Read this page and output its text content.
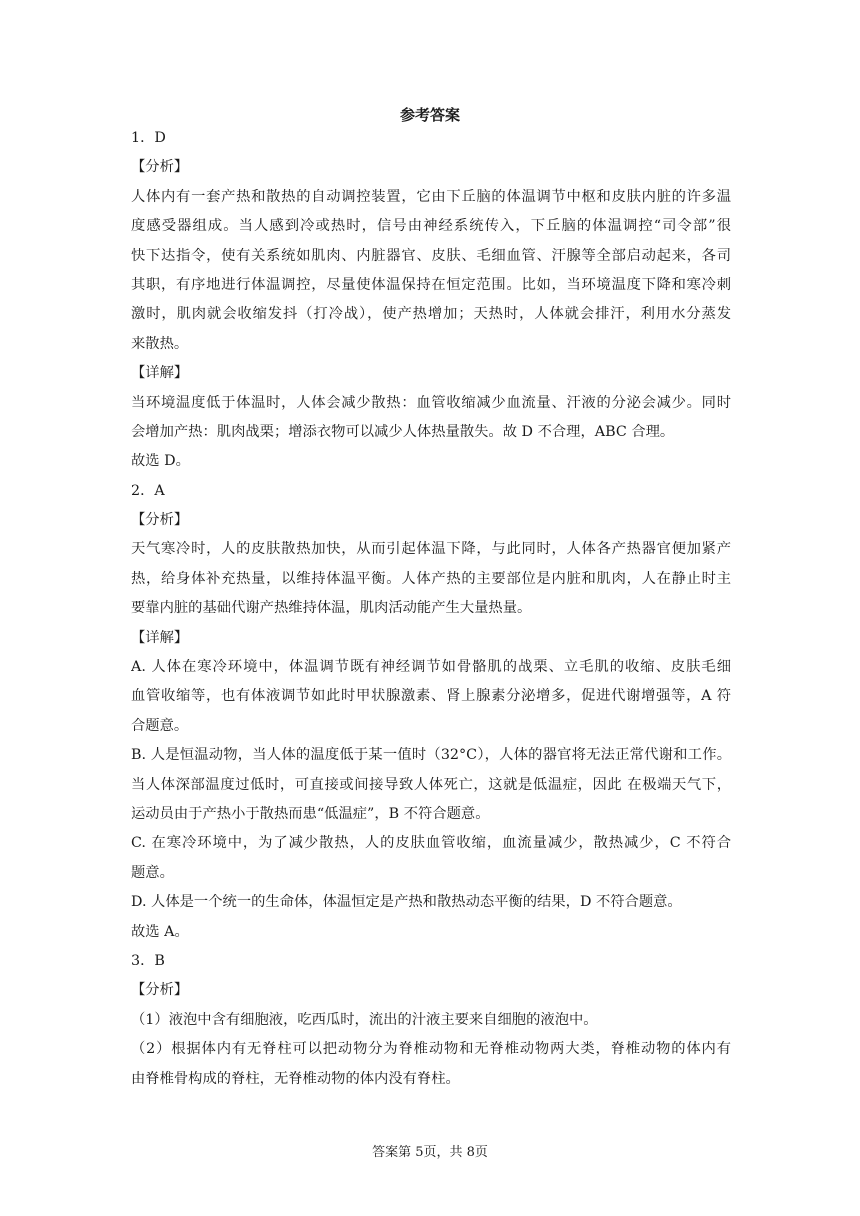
参考答案
1．D
【分析】
人体内有一套产热和散热的自动调控装置，它由下丘脑的体温调节中枢和皮肤内脏的许多温
度感受器组成。当人感到冷或热时，信号由神经系统传入，下丘脑的体温调控“司令部”很
快下达指令，使有关系统如肌肉、内脏器官、皮肤、毛细血管、汗腺等全部启动起来，各司
其职，有序地进行体温调控，尽量使体温保持在恒定范围。比如，当环境温度下降和寒冷刺
激时，肌肉就会收缩发抖（打冷战），使产热增加；天热时，人体就会排汗，利用水分蒸发
来散热。
【详解】
当环境温度低于体温时，人体会减少散热：血管收缩减少血流量、汗液的分泌会减少。同时
会增加产热：肌肉战栗；增添衣物可以减少人体热量散失。故 D 不合理，ABC 合理。
故选 D。
2．A
【分析】
天气寒冷时，人的皮肤散热加快，从而引起体温下降，与此同时，人体各产热器官便加紧产
热，给身体补充热量，以维持体温平衡。人体产热的主要部位是内脏和肌肉，人在静止时主
要靠内脏的基础代谢产热维持体温，肌肉活动能产生大量热量。
【详解】
A. 人体在寒冷环境中，体温调节既有神经调节如骨骼肌的战栗、立毛肌的收缩、皮肤毛细
血管收缩等，也有体液调节如此时甲状腺激素、肾上腺素分泌增多，促进代谢增强等，A 符
合题意。
B. 人是恒温动物，当人体的温度低于某一值时（32°C），人体的器官将无法正常代谢和工作。
当人体深部温度过低时，可直接或间接导致人体死亡，这就是低温症，因此 在极端天气下，
运动员由于产热小于散热而患“低温症”，B 不符合题意。
C. 在寒冷环境中，为了减少散热，人的皮肤血管收缩，血流量减少，散热减少，C 不符合
题意。
D. 人体是一个统一的生命体，体温恒定是产热和散热动态平衡的结果，D 不符合题意。
故选 A。
3．B
【分析】
（1）液泡中含有细胞液，吃西瓜时，流出的汁液主要来自细胞的液泡中。
（2）根据体内有无脊柱可以把动物分为脊椎动物和无脊椎动物两大类，脊椎动物的体内有
由脊椎骨构成的脊柱，无脊椎动物的体内没有脊柱。
答案第 5页，共 8页
